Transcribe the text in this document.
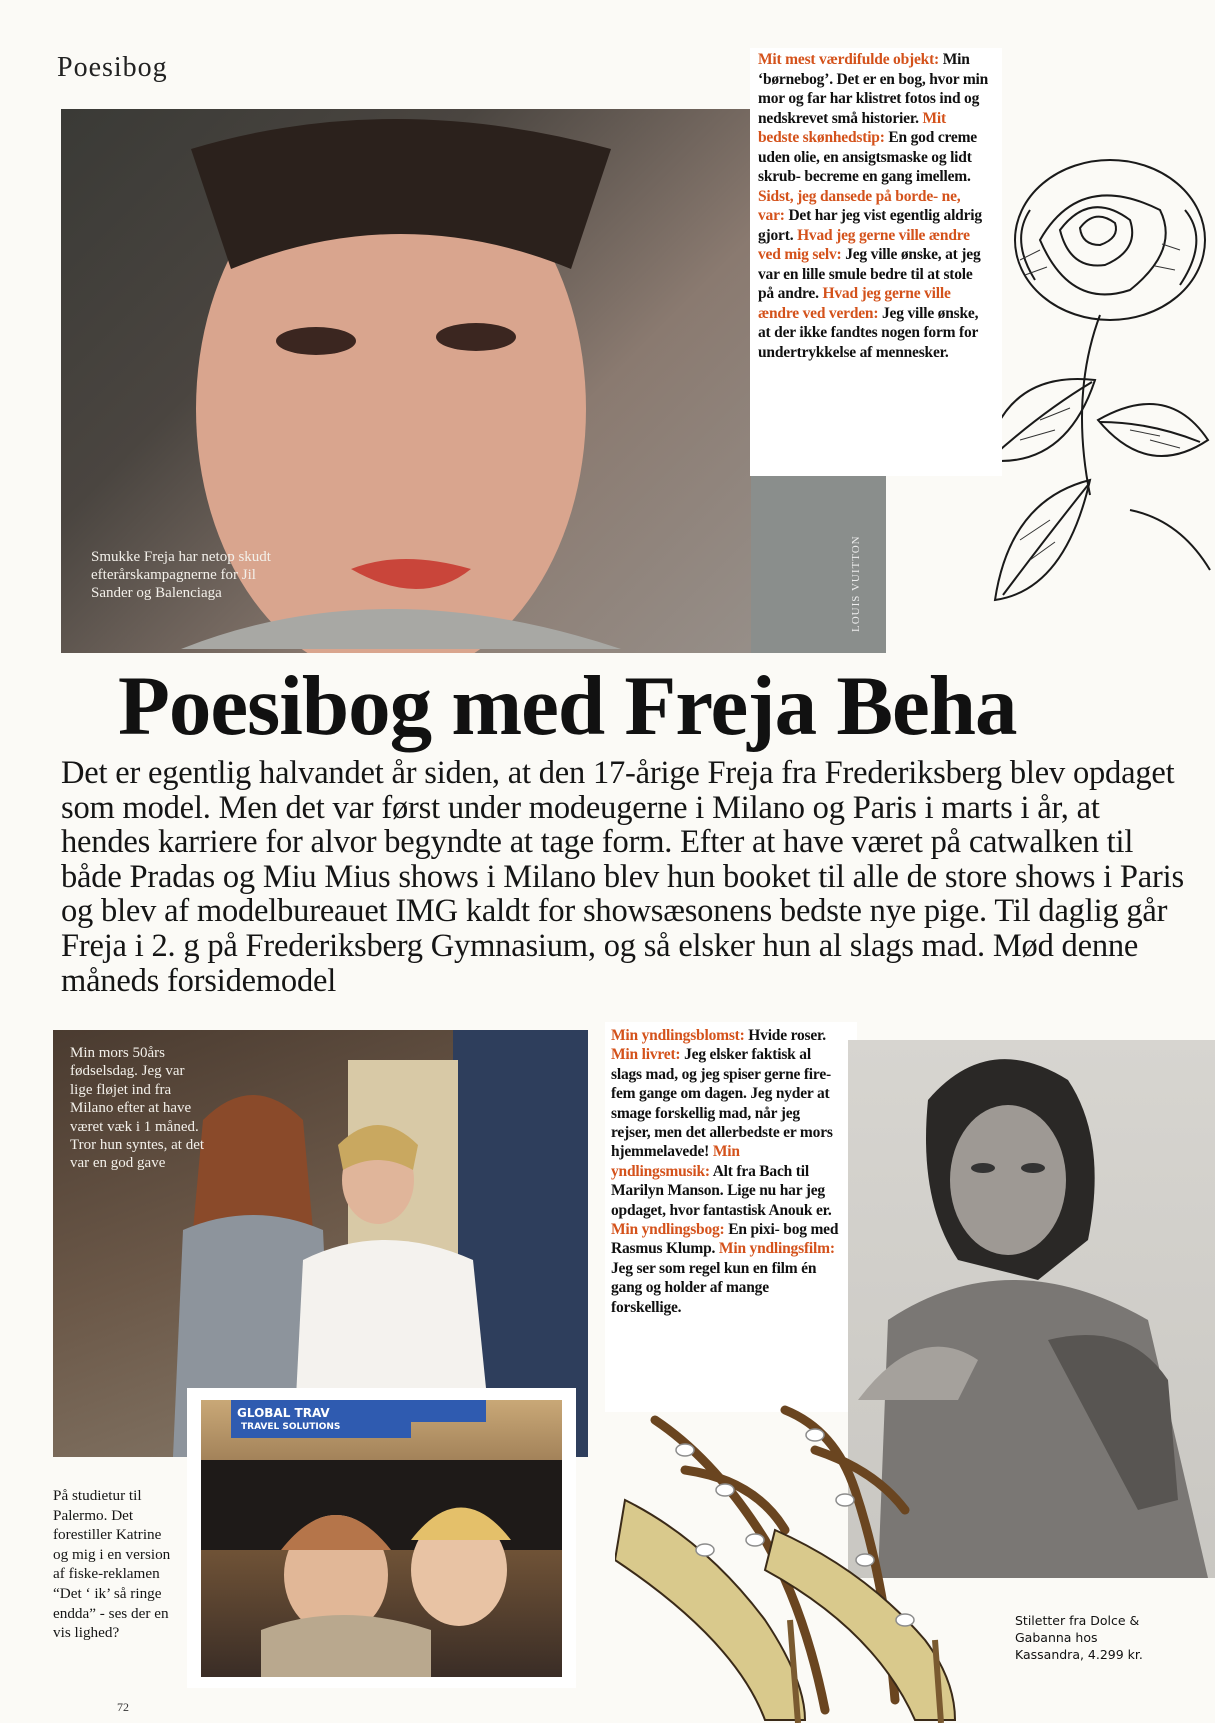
Poesibog
Smukke Freja har netop skudt efterårskampagnerne for Jil Sander og Balenciaga	LOUIS VUITTON
Mit mest værdifulde objekt: Min ‘børnebog’. Det er en bog, hvor min mor og far har klistret fotos ind og nedskrevet små historier. Mit bedste skønhedstip: En god creme uden olie, en ansigtsmaske og lidt skrub- becreme en gang imellem. Sidst, jeg dansede på borde- ne, var: Det har jeg vist egentlig aldrig gjort. Hvad jeg gerne ville ændre ved mig selv: Jeg ville ønske, at jeg var en lille smule bedre til at stole på andre. Hvad jeg gerne ville ændre ved verden: Jeg ville ønske, at der ikke fandtes nogen form for undertrykkelse af mennesker.
Poesibog med Freja Beha
Det er egentlig halvandet år siden, at den 17-årige Freja fra Frederiksberg blev opdaget som model. Men det var først under modeugerne i Milano og Paris i marts i år, at hendes karriere for alvor begyndte at tage form. Efter at have været på catwalken til både Pradas og Miu Mius shows i Milano blev hun booket til alle de store shows i Paris og blev af modelbureauet IMG kaldt for showsæsonens bedste nye pige. Til daglig går Freja i 2. g på Frederiksberg Gymnasium, og så elsker hun al slags mad. Mød denne måneds forsidemodel
Min mors 50års fødselsdag. Jeg var lige fløjet ind fra Milano efter at have været væk i 1 måned. Tror hun syntes, at det var en god gave
Min yndlingsblomst: Hvide roser. Min livret: Jeg elsker faktisk al slags mad, og jeg spiser gerne fire-fem gange om dagen. Jeg nyder at smage forskellig mad, når jeg rejser, men det allerbedste er mors hjemmelavede! Min yndlingsmusik: Alt fra Bach til Marilyn Manson. Lige nu har jeg opdaget, hvor fantastisk Anouk er. Min yndlingsbog: En pixi- bog med Rasmus Klump. Min yndlingsfilm: Jeg ser som regel kun en film én gang og holder af mange forskellige.
GLOBAL TRAV
TRAVEL SOLUTIONS
På studietur til Palermo. Det forestiller Katrine og mig i en version af fiske-reklamen “Det ‘ ik’ så ringe endda” - ses der en vis lighed?
Stiletter fra Dolce & Gabanna hos Kassandra, 4.299 kr.
72
